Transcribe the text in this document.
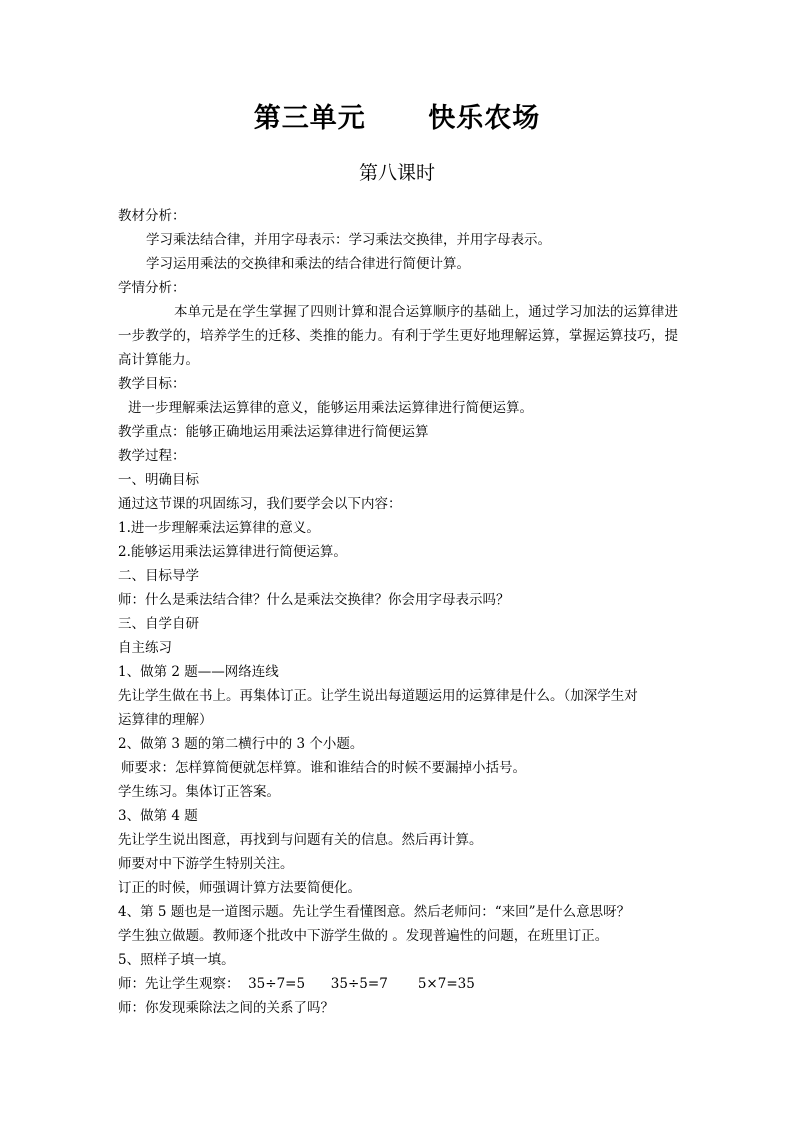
第三单元      快乐农场
第八课时
教材分析：
学习乘法结合律，并用字母表示：学习乘法交换律，并用字母表示。
学习运用乘法的交换律和乘法的结合律进行简便计算。
学情分析：
本单元是在学生掌握了四则计算和混合运算顺序的基础上，通过学习加法的运算律进一步教学的，培养学生的迁移、类推的能力。有利于学生更好地理解运算，掌握运算技巧，提高计算能力。
教学目标：
进一步理解乘法运算律的意义，能够运用乘法运算律进行简便运算。
教学重点：能够正确地运用乘法运算律进行简便运算
教学过程：
一、明确目标
通过这节课的巩固练习，我们要学会以下内容：
1.进一步理解乘法运算律的意义。
2.能够运用乘法运算律进行简便运算。
二、目标导学
师：什么是乘法结合律？什么是乘法交换律？你会用字母表示吗？
三、自学自研
自主练习
1、做第 2 题——网络连线
先让学生做在书上。再集体订正。让学生说出每道题运用的运算律是什么。（加深学生对
运算律的理解）
2、做第 3 题的第二横行中的 3 个小题。
师要求：怎样算简便就怎样算。谁和谁结合的时候不要漏掉小括号。
学生练习。集体订正答案。
3、做第 4 题
先让学生说出图意，再找到与问题有关的信息。然后再计算。
师要对中下游学生特别关注。
订正的时候，师强调计算方法要简便化。
4、第 5 题也是一道图示题。先让学生看懂图意。然后老师问：“来回”是什么意思呀？
学生独立做题。教师逐个批改中下游学生做的 。发现普遍性的问题，在班里订正。
5、照样子填一填。
师：先让学生观察：  35÷7=5      35÷5=7       5×7=35
师：你发现乘除法之间的关系了吗？
